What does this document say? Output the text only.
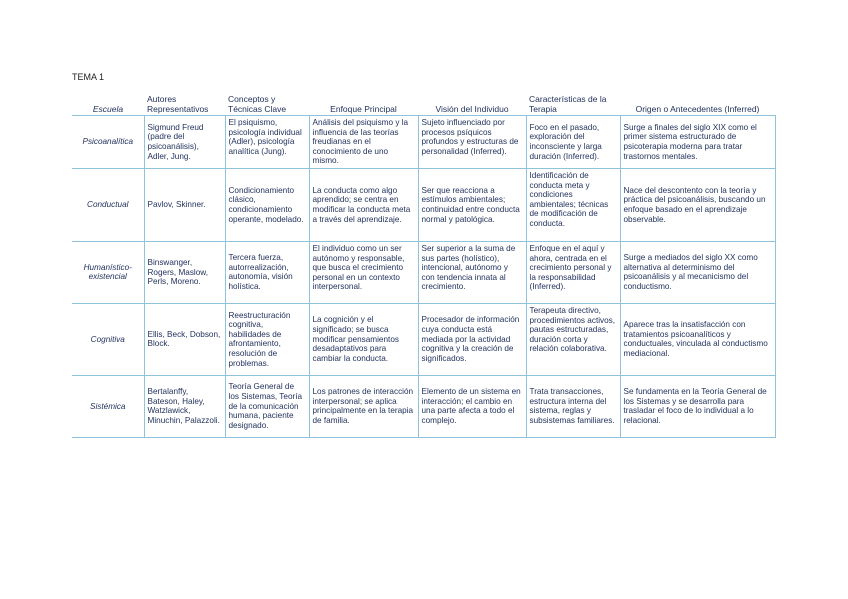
TEMA 1
Escuela	Autores Representativos	Conceptos y Técnicas Clave	Enfoque Principal	Visión del Individuo	Características de la Terapia	Origen o Antecedentes (Inferred)
Psicoanalítica	Sigmund Freud (padre del psicoanálisis), Adler, Jung.	El psiquismo, psicología individual (Adler), psicología analítica (Jung).	Análisis del psiquismo y la influencia de las teorías freudianas en el conocimiento de uno mismo.	Sujeto influenciado por procesos psíquicos profundos y estructuras de personalidad (Inferred).	Foco en el pasado, exploración del inconsciente y larga duración (Inferred).	Surge a finales del siglo XIX como el primer sistema estructurado de psicoterapia moderna para tratar trastornos mentales.
Conductual	Pavlov, Skinner.	Condicionamiento clásico, condicionamiento operante, modelado.	La conducta como algo aprendido; se centra en modificar la conducta meta a través del aprendizaje.	Ser que reacciona a estímulos ambientales; continuidad entre conducta normal y patológica.	Identificación de conducta meta y condiciones ambientales; técnicas de modificación de conducta.	Nace del descontento con la teoría y práctica del psicoanálisis, buscando un enfoque basado en el aprendizaje observable.
Humanístico-existencial	Binswanger, Rogers, Maslow, Perls, Moreno.	Tercera fuerza, autorrealización, autonomía, visión holística.	El individuo como un ser autónomo y responsable, que busca el crecimiento personal en un contexto interpersonal.	Ser superior a la suma de sus partes (holístico), intencional, autónomo y con tendencia innata al crecimiento.	Enfoque en el aquí y ahora, centrada en el crecimiento personal y la responsabilidad (Inferred).	Surge a mediados del siglo XX como alternativa al determinismo del psicoanálisis y al mecanicismo del conductismo.
Cognitiva	Ellis, Beck, Dobson, Block.	Reestructuración cognitiva, habilidades de afrontamiento, resolución de problemas.	La cognición y el significado; se busca modificar pensamientos desadaptativos para cambiar la conducta.	Procesador de información cuya conducta está mediada por la actividad cognitiva y la creación de significados.	Terapeuta directivo, procedimientos activos, pautas estructuradas, duración corta y relación colaborativa.	Aparece tras la insatisfacción con tratamientos psicoanalíticos y conductuales, vinculada al conductismo mediacional.
Sistémica	Bertalanffy, Bateson, Haley, Watzlawick, Minuchin, Palazzoli.	Teoría General de los Sistemas, Teoría de la comunicación humana, paciente designado.	Los patrones de interacción interpersonal; se aplica principalmente en la terapia de familia.	Elemento de un sistema en interacción; el cambio en una parte afecta a todo el complejo.	Trata transacciones, estructura interna del sistema, reglas y subsistemas familiares.	Se fundamenta en la Teoría General de los Sistemas y se desarrolla para trasladar el foco de lo individual a lo relacional.
